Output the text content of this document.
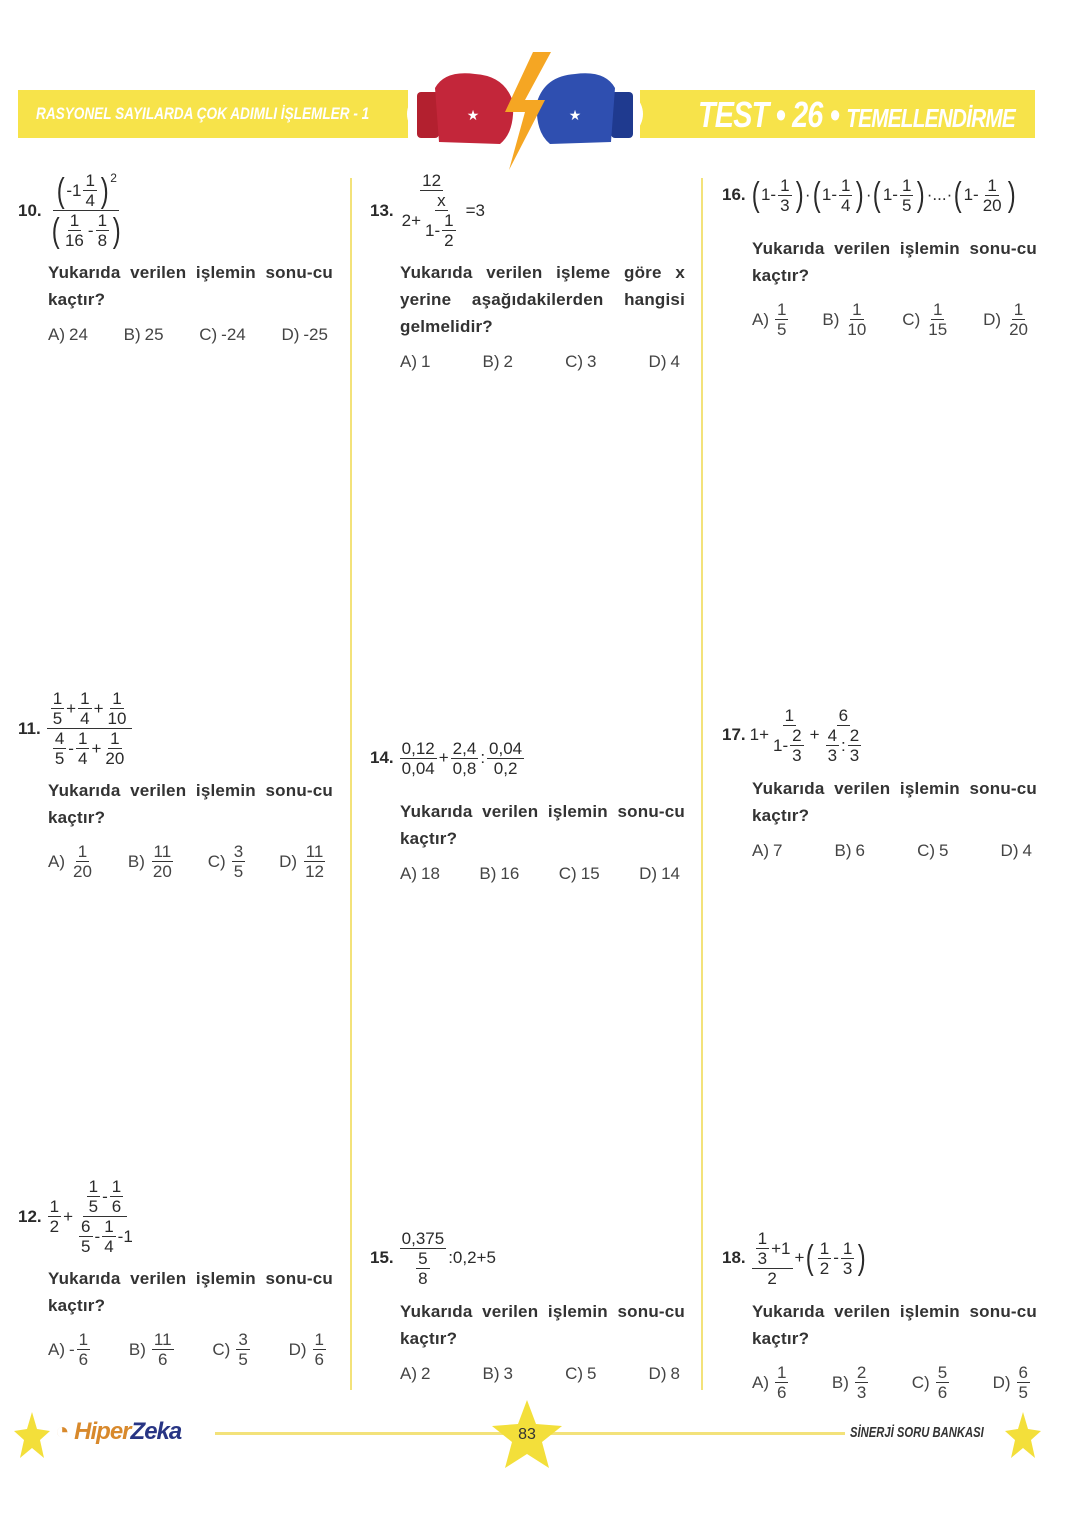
RASYONEL SAYILARDA ÇOK ADIMLI İŞLEMLER - 1	TEST • 26 • TEMELLENDİRME
★	★
10. $\frac{( -1 \frac{1}{4} )^2}{( \frac{1}{16} - \frac{1}{8} )}$
Yukarıda verilen işlemin sonu-cu kaçtır?
A) 24 B) 25 C) -24 D) -25
11. $\frac{\frac{1}{5} + \frac{1}{4} + \frac{1}{10}}{\frac{4}{5} - \frac{1}{4} + \frac{1}{20}}$
Yukarıda verilen işlemin sonu-cu kaçtır?
$A) \frac{1}{20} B) \frac{11}{20} C) \frac{3}{5} D) \frac{11}{12}$
12. $\frac{1}{2} + \frac{\frac{1}{5} - \frac{1}{6}}{\frac{6}{5} - \frac{1}{4} -1}$
Yukarıda verilen işlemin sonu-cu kaçtır?
$A) - \frac{1}{6} B) \frac{11}{6} C) \frac{3}{5} D) \frac{1}{6}$
13. $\frac{12}{2+ \frac{x}{1- \frac{1}{2}}} =3$
Yukarıda verilen işleme göre x yerine aşağıdakilerden hangisi gelmelidir?
A) 1	B) 2	C) 3	D) 4
14. $\frac{0,12}{0,04} + \frac{2,4}{0,8}$ : $\frac{0,04}{0,2}$
Yukarıda verilen işlemin sonu-cu kaçtır?
A) 18 B) 16 C) 15 D) 14
15. $\frac{0,375}{\frac{5}{8}}$ :0,2+5
Yukarıda verilen işlemin sonu-cu kaçtır?
A) 2	B) 3	C) 5	D) 8
16. ( $1- \frac{1}{3}$ ) · ( $1- \frac{1}{4}$ ) · ( $1- \frac{1}{5}$ ) ·...· ( $1- \frac{1}{20}$ )
Yukarıda verilen işlemin sonu-cu kaçtır?
$A) \frac{1}{5} B) \frac{1}{10} C) \frac{1}{15} D) \frac{1}{20}$
17. $1+ \frac{1}{1- \frac{2}{3}} + \frac{6}{\frac{4}{3} : \frac{2}{3}}$
Yukarıda verilen işlemin sonu-cu kaçtır?
A) 7	B) 6	C) 5	D) 4
18. $\frac{\frac{1}{3} +1}{2}$ + ( $\frac{1}{2} - \frac{1}{3}$ )
Yukarıda verilen işlemin sonu-cu kaçtır?
$A) \frac{1}{6}$	$B) \frac{2}{3}$	$C) \frac{5}{6}$	$D) \frac{6}{5}$
◔ HiperZeka	83	SİNERJİ SORU BANKASI
